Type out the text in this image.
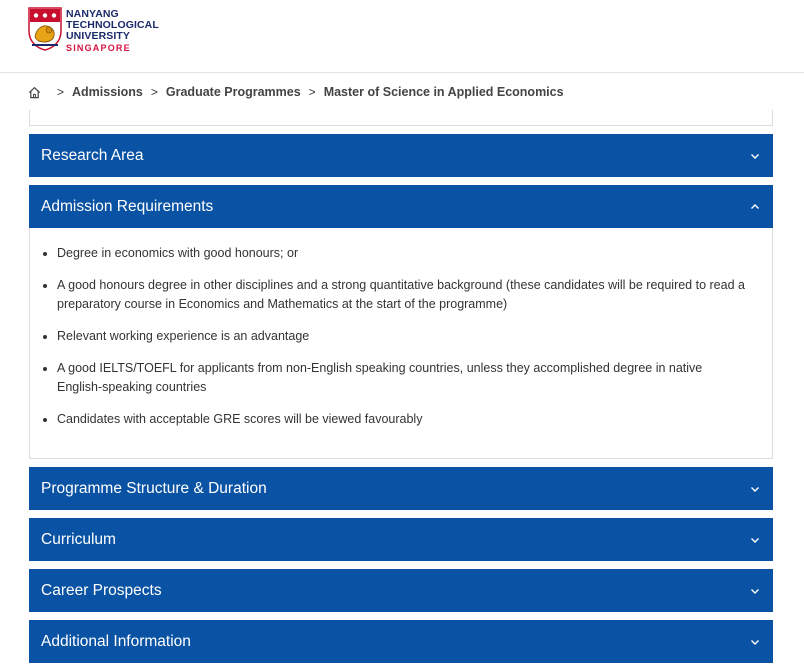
NANYANG
TECHNOLOGICAL
UNIVERSITY
SINGAPORE
> Admissions > Graduate Programmes > Master of Science in Applied Economics
Research Area
Admission Requirements
Degree in economics with good honours; or
A good honours degree in other disciplines and a strong quantitative background (these candidates will be required to read a preparatory course in Economics and Mathematics at the start of the programme)
Relevant working experience is an advantage
A good IELTS/TOEFL for applicants from non-English speaking countries, unless they accomplished degree in native English-speaking countries
Candidates with acceptable GRE scores will be viewed favourably
Programme Structure & Duration
Curriculum
Career Prospects
Additional Information
